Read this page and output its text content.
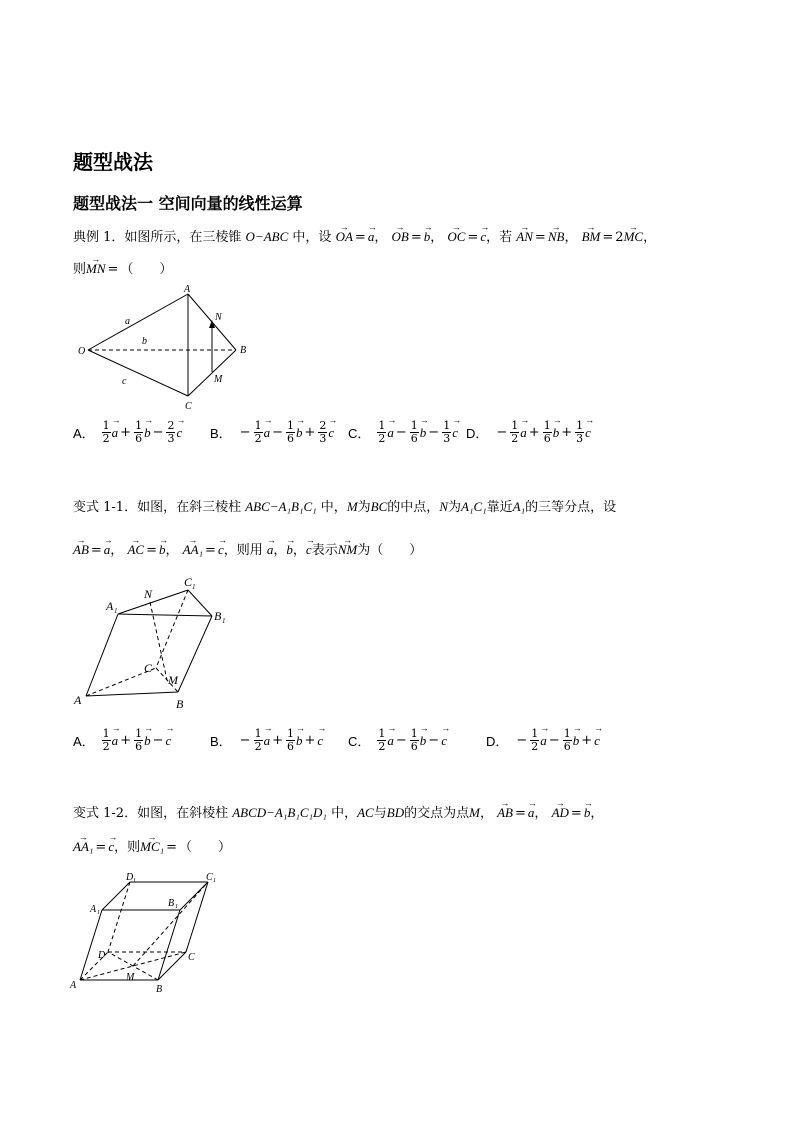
题型战法
题型战法一 空间向量的线性运算
典例 1．如图所示，在三棱锥 O−ABC 中，设 → OA =→ a， → OB =→ b， → OC =→ c，若 → AN =→ NB， → BM = 2→ MC，
则→ MN = （　　）
O
A
B
C
N
M
a
b
c
A． $\frac{1}{2}$
→ $a + \frac{1}{6}$
→ $b - \frac{2}{3}$
→ c B． − $\frac{1}{2}$
→ $a - \frac{1}{6}$
→ $b + \frac{2}{3}$
→ c C． $\frac{1}{2}$
→ $a - \frac{1}{6}$
→ $b - \frac{1}{3}$
→ c D． − $\frac{1}{2}$
→ $a + \frac{1}{6}$
→ $b + \frac{1}{3}$
→ c
变式 1-1．如图，在斜三棱柱 ABC−A₁B₁C₁ 中，M为BC的中点，N为A₁C₁靠近A₁的三等分点，设
→ AB =→ a， → AC =→ b， → AA₁ =→ c，则用 → a，→ b，→ c表示→ NM为（　　）
A	B
C
A 1	B 1
C 1
N
M
A． $\frac{1}{2}$
→ $a + \frac{1}{6}$
→ b −
→ c	B． − $\frac{1}{2}$
→ $a + \frac{1}{6}$
→ b +
→ c C． $\frac{1}{2}$
→ $a - \frac{1}{6}$
→ b −
→ c	D． − $\frac{1}{2}$
→ $a - \frac{1}{6}$
→ b +
→ c
变式 1-2．如图，在斜棱柱 ABCD−A₁B₁C₁D₁ 中，AC与BD的交点为点M， → AB =→ a， → AD =→ b，
→ AA₁ =→ c，则→ MC₁ = （　　）
A	B
C
D
A 1
B 1
C 1
D 1
M
